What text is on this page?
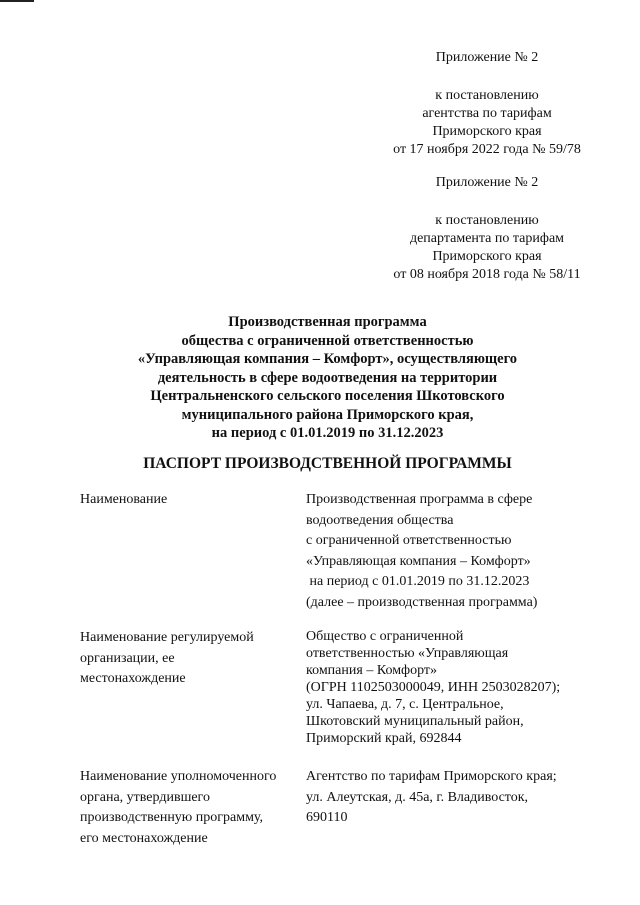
Приложение № 2
к постановлению
агентства по тарифам
Приморского края
от 17 ноября 2022 года № 59/78
Приложение № 2
к постановлению
департамента по тарифам
Приморского края
от 08 ноября 2018 года № 58/11
Производственная программа
общества с ограниченной ответственностью
«Управляющая компания – Комфорт», осуществляющего
деятельность в сфере водоотведения на территории
Центральненского сельского поселения Шкотовского
муниципального района Приморского края,
на период с 01.01.2019 по 31.12.2023
ПАСПОРТ ПРОИЗВОДСТВЕННОЙ ПРОГРАММЫ
Наименование	Производственная программа в сфере
водоотведения общества
с ограниченной ответственностью
«Управляющая компания – Комфорт»
на период с 01.01.2019 по 31.12.2023
(далее – производственная программа)
Наименование регулируемой
организации, ее
местонахождение
Общество с ограниченной
ответственностью «Управляющая
компания – Комфорт»
(ОГРН 1102503000049, ИНН 2503028207);
ул. Чапаева, д. 7, с. Центральное,
Шкотовский муниципальный район,
Приморский край, 692844
Наименование уполномоченного
органа, утвердившего
производственную программу,
его местонахождение
Агентство по тарифам Приморского края;
ул. Алеутская, д. 45а, г. Владивосток,
690110
